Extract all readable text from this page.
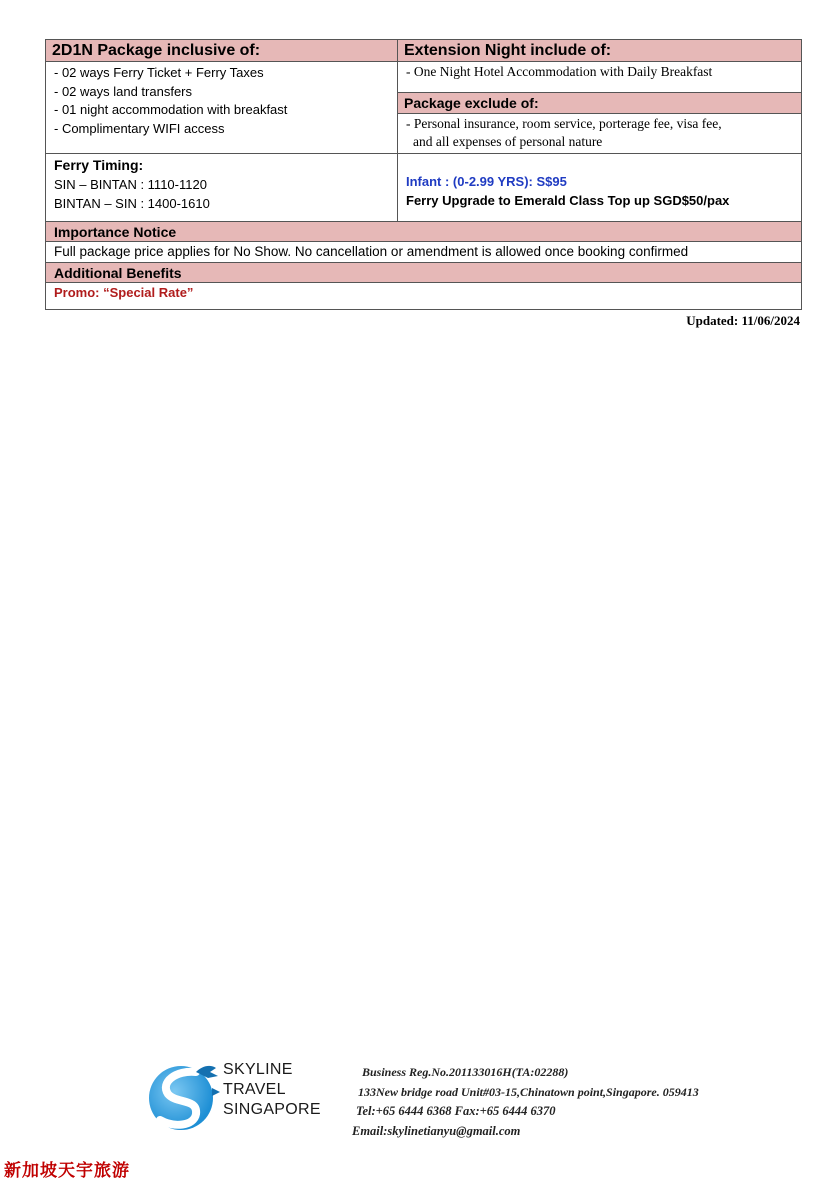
2D1N Package inclusive of:
- 02 ways Ferry Ticket + Ferry Taxes
- 02 ways land transfers
- 01 night accommodation with breakfast
- Complimentary WIFI access
Extension Night include of:
- One Night Hotel Accommodation with Daily Breakfast
Package exclude of:
- Personal insurance, room service, porterage fee, visa fee,
and all expenses of personal nature
Ferry Timing:
SIN – BINTAN : 1110-1120
BINTAN – SIN : 1400-1610
Infant : (0-2.99 YRS): S$95
Ferry Upgrade to Emerald Class Top up SGD$50/pax
Importance Notice
Full package price applies for No Show. No cancellation or amendment is allowed once booking confirmed
Additional Benefits
Promo: “Special Rate”
Updated: 11/06/2024
SKYLINE
TRAVEL
SINGAPORE
Business Reg.No.201133016H(TA:02288)
133New bridge road Unit#03-15,Chinatown point,Singapore. 059413
Tel:+65 6444 6368 Fax:+65 6444 6370
Email:skylinetianyu@gmail.com
新加坡天宇旅游
